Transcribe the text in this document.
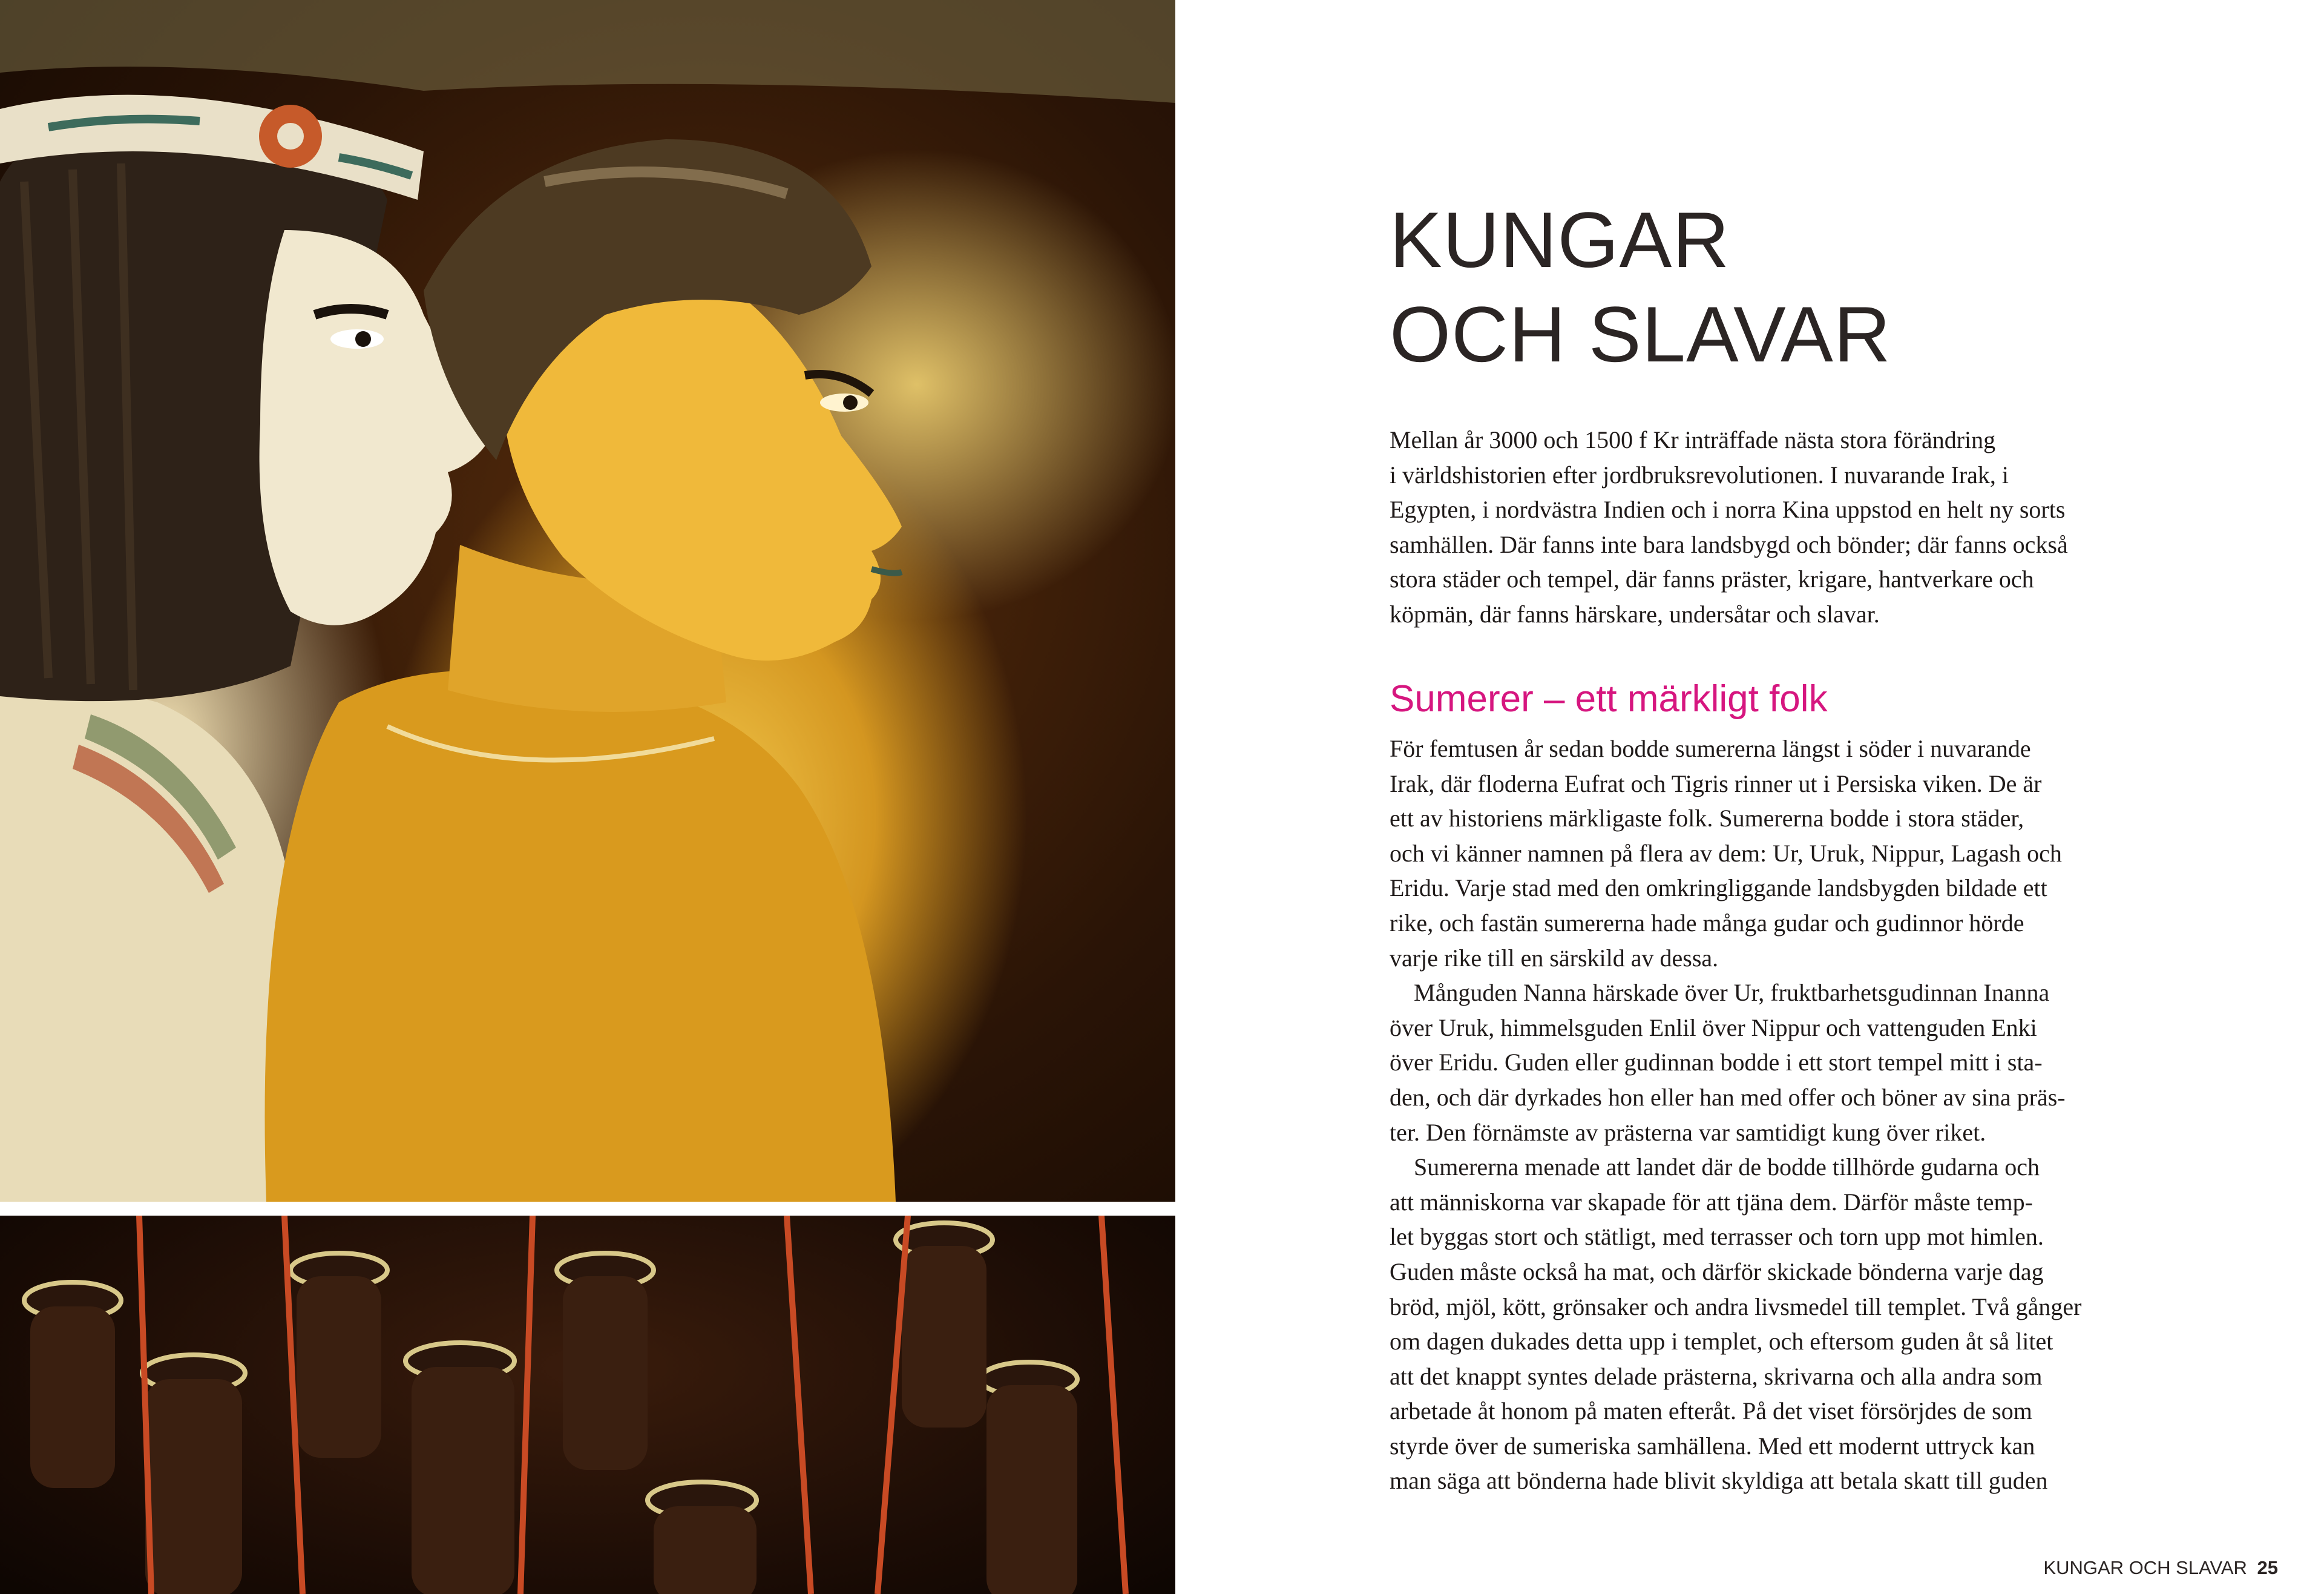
KUNGAR
OCH SLAVAR
Mellan år 3000 och 1500 f Kr inträffade nästa stora förändring
i världshistorien efter jordbruksrevolutionen. I nuvarande Irak, i
Egypten, i nordvästra Indien och i norra Kina uppstod en helt ny sorts
samhällen. Där fanns inte bara landsbygd och bönder; där fanns också
stora städer och tempel, där fanns präster, krigare, hantverkare och
köpmän, där fanns härskare, undersåtar och slavar.
Sumerer – ett märkligt folk
För femtusen år sedan bodde sumererna längst i söder i nuvarande
Irak, där floderna Eufrat och Tigris rinner ut i Persiska viken. De är
ett av historiens märkligaste folk. Sumererna bodde i stora städer,
och vi känner namnen på flera av dem: Ur, Uruk, Nippur, Lagash och
Eridu. Varje stad med den omkringliggande landsbygden bildade ett
rike, och fastän sumererna hade många gudar och gudinnor hörde
varje rike till en särskild av dessa.
Månguden Nanna härskade över Ur, fruktbarhetsgudinnan Inanna
över Uruk, himmelsguden Enlil över Nippur och vattenguden Enki
över Eridu. Guden eller gudinnan bodde i ett stort tempel mitt i sta-
den, och där dyrkades hon eller han med offer och böner av sina präs-
ter. Den förnämste av prästerna var samtidigt kung över riket.
Sumererna menade att landet där de bodde tillhörde gudarna och
att människorna var skapade för att tjäna dem. Därför måste temp-
let byggas stort och stätligt, med terrasser och torn upp mot himlen.
Guden måste också ha mat, och därför skickade bönderna varje dag
bröd, mjöl, kött, grönsaker och andra livsmedel till templet. Två gånger
om dagen dukades detta upp i templet, och eftersom guden åt så litet
att det knappt syntes delade prästerna, skrivarna och alla andra som
arbetade åt honom på maten efteråt. På det viset försörjdes de som
styrde över de sumeriska samhällena. Med ett modernt uttryck kan
man säga att bönderna hade blivit skyldiga att betala skatt till guden
KUNGAR OCH SLAVAR 25
